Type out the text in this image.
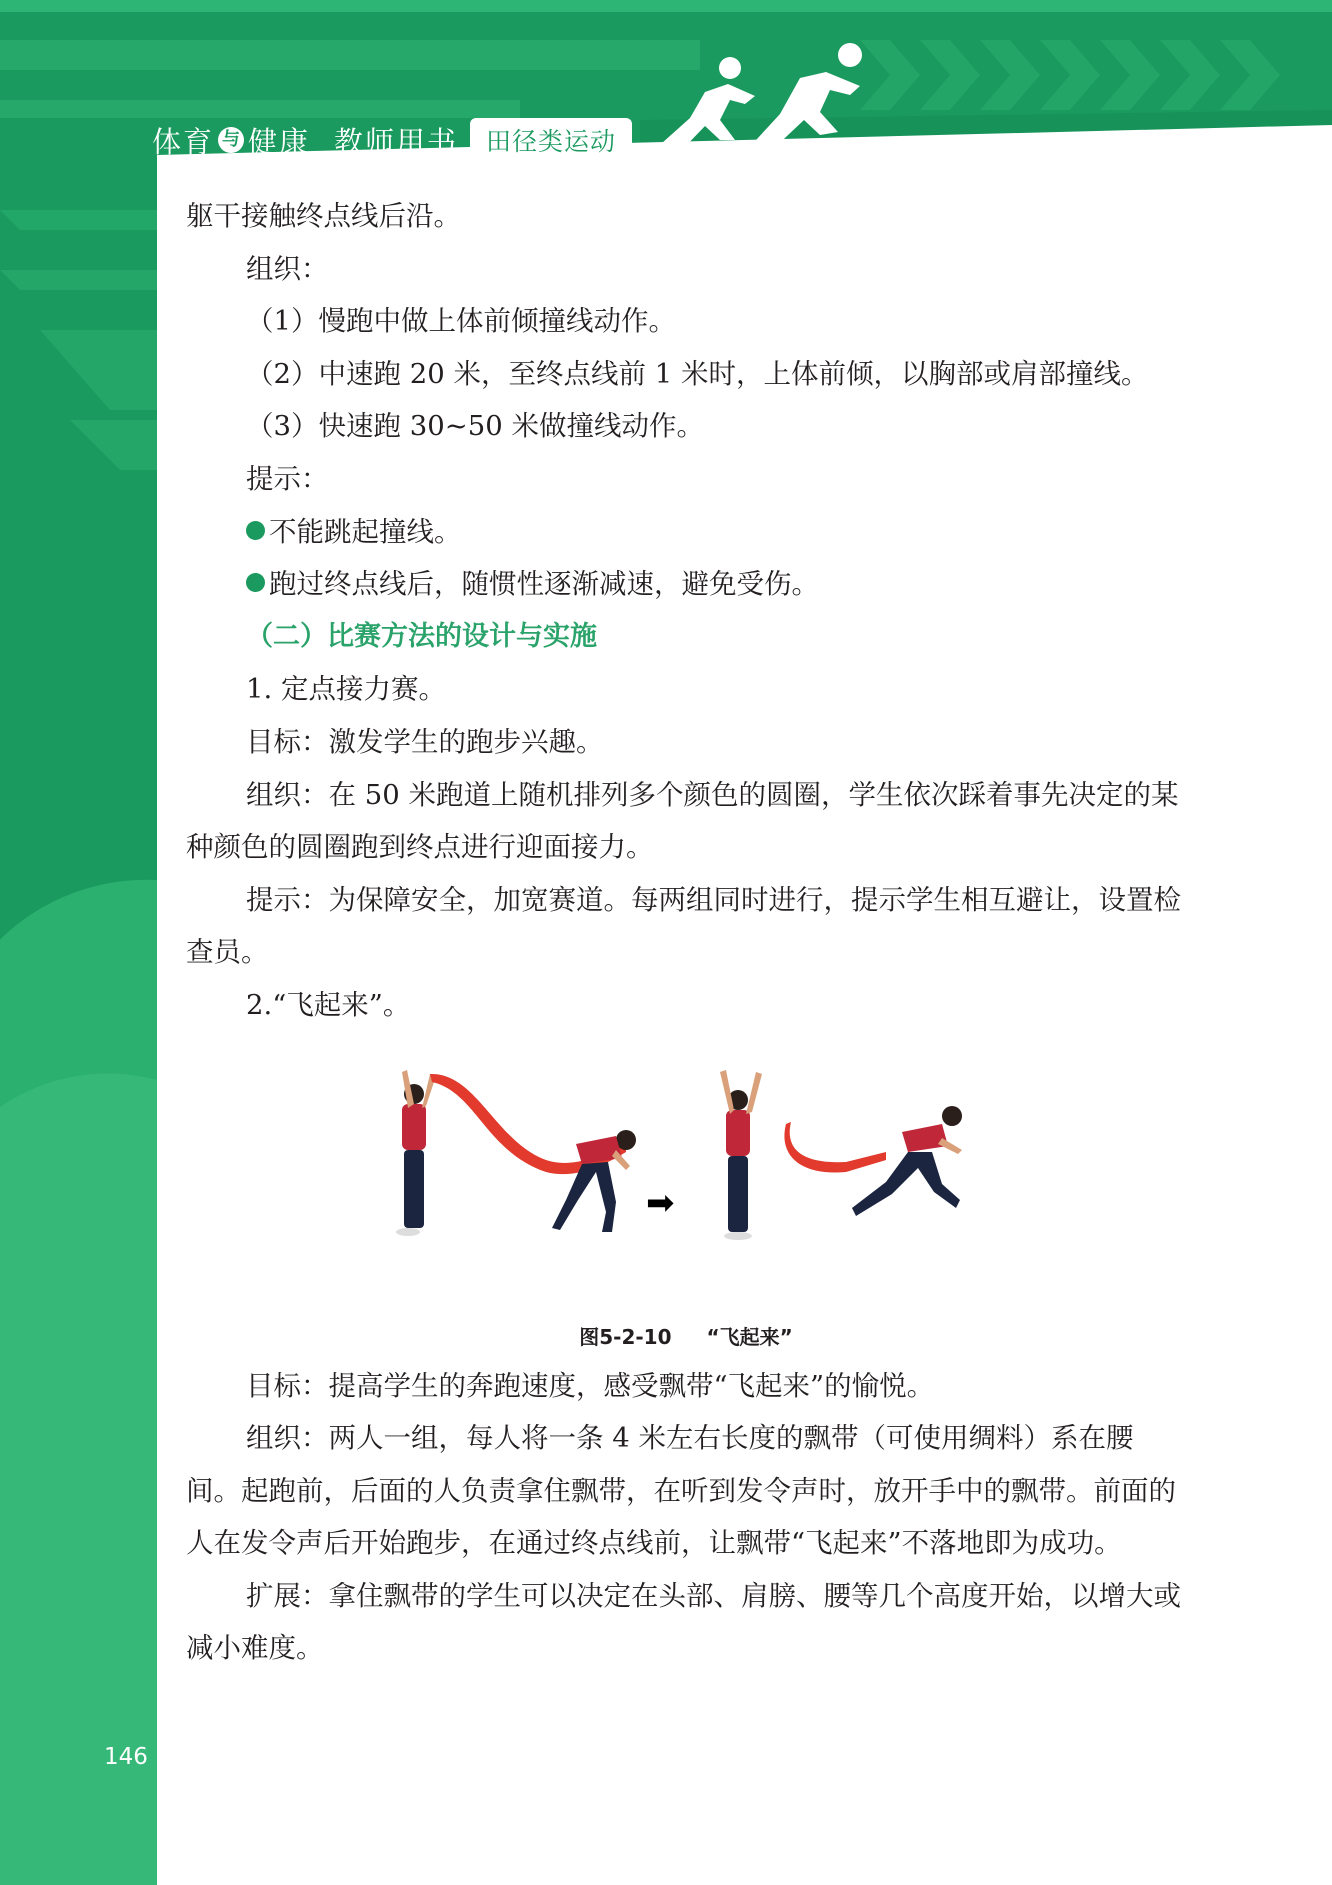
体育 与 健康 教师用书	田径类运动

躯干接触终点线后沿。

组织：

（1）慢跑中做上体前倾撞线动作。

（2）中速跑 20 米，至终点线前 1 米时，上体前倾，以胸部或肩部撞线。

（3）快速跑 30~50 米做撞线动作。

提示：

不能跳起撞线。

跑过终点线后，随惯性逐渐减速，避免受伤。

（二）比赛方法的设计与实施

1. 定点接力赛。

目标：激发学生的跑步兴趣。

组织：在 50 米跑道上随机排列多个颜色的圆圈，学生依次踩着事先决定的某种颜色的圆圈跑到终点进行迎面接力。

提示：为保障安全，加宽赛道。每两组同时进行，提示学生相互避让，设置检查员。

2.“飞起来”。

➡
图5-2-10 “飞起来”

目标：提高学生的奔跑速度，感受飘带“飞起来”的愉悦。

组织：两人一组，每人将一条 4 米左右长度的飘带（可使用绸料）系在腰间。起跑前，后面的人负责拿住飘带，在听到发令声时，放开手中的飘带。前面的人在发令声后开始跑步，在通过终点线前，让飘带“飞起来”不落地即为成功。

扩展：拿住飘带的学生可以决定在头部、肩膀、腰等几个高度开始，以增大或减小难度。

146
